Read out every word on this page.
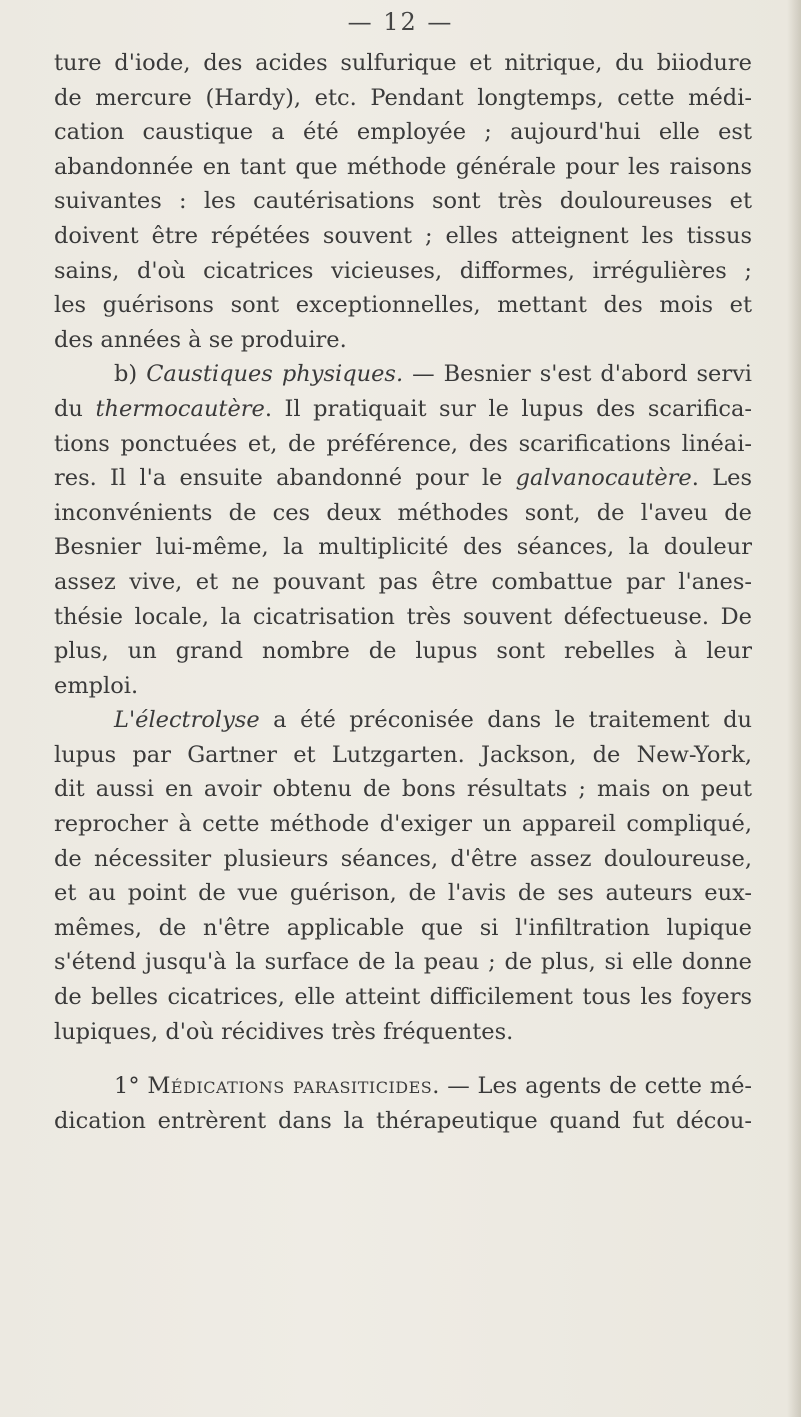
— 12 —
ture d'iode, des acides sulfurique et nitrique, du biiodure
de mercure (Hardy), etc. Pendant longtemps, cette médi-
cation caustique a été employée ; aujourd'hui elle est
abandonnée en tant que méthode générale pour les raisons
suivantes : les cautérisations sont très douloureuses et
doivent être répétées souvent ; elles atteignent les tissus
sains, d'où cicatrices vicieuses, difformes, irrégulières ;
les guérisons sont exceptionnelles, mettant des mois et
des années à se produire.
b) Caustiques physiques. — Besnier s'est d'abord servi
du thermocautère. Il pratiquait sur le lupus des scarifica-
tions ponctuées et, de préférence, des scarifications linéai-
res. Il l'a ensuite abandonné pour le galvanocautère. Les
inconvénients de ces deux méthodes sont, de l'aveu de
Besnier lui-même, la multiplicité des séances, la douleur
assez vive, et ne pouvant pas être combattue par l'anes-
thésie locale, la cicatrisation très souvent défectueuse. De
plus, un grand nombre de lupus sont rebelles à leur
emploi.
L'électrolyse a été préconisée dans le traitement du
lupus par Gartner et Lutzgarten. Jackson, de New-York,
dit aussi en avoir obtenu de bons résultats ; mais on peut
reprocher à cette méthode d'exiger un appareil compliqué,
de nécessiter plusieurs séances, d'être assez douloureuse,
et au point de vue guérison, de l'avis de ses auteurs eux-
mêmes, de n'être applicable que si l'infiltration lupique
s'étend jusqu'à la surface de la peau ; de plus, si elle donne
de belles cicatrices, elle atteint difficilement tous les foyers
lupiques, d'où récidives très fréquentes.
1° Médications parasiticides. — Les agents de cette mé-
dication entrèrent dans la thérapeutique quand fut décou-
